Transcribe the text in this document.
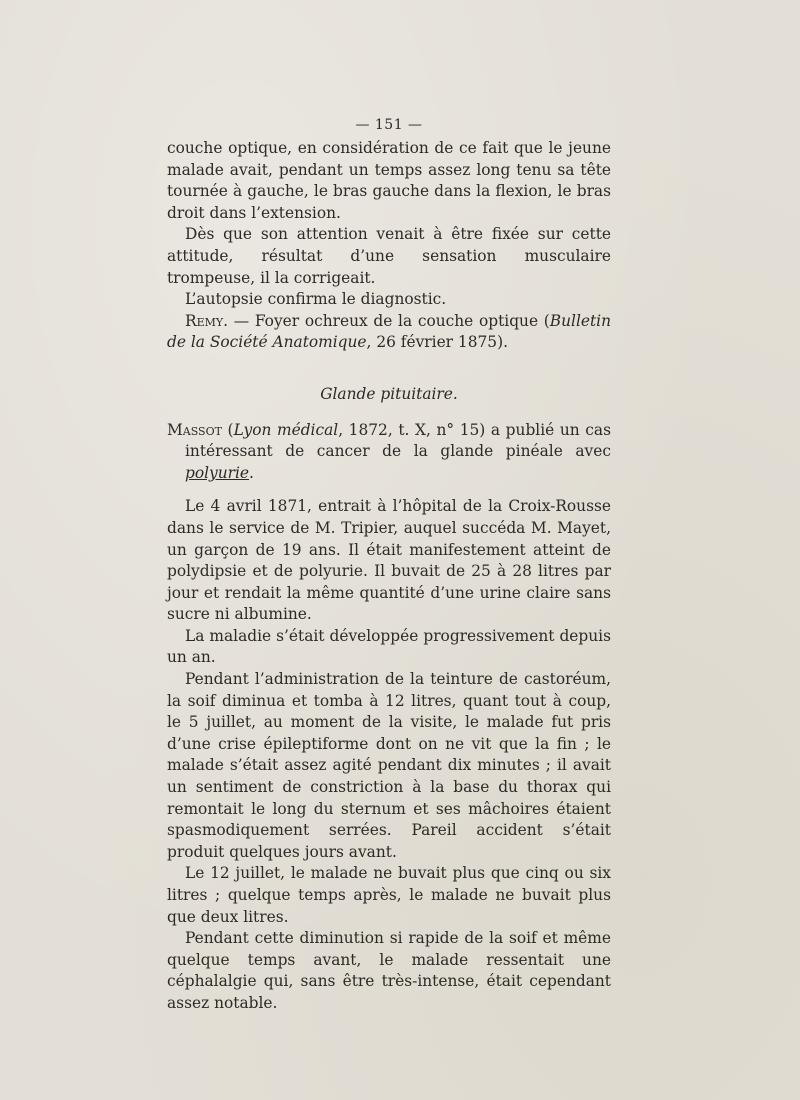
— 151 —

couche optique, en considération de ce fait que le jeune malade avait, pendant un temps assez long tenu sa tête tournée à gauche, le bras gauche dans la flexion, le bras droit dans l’extension.

Dès que son attention venait à être fixée sur cette attitude, résultat d’une sensation musculaire trompeuse, il la corrigeait.

L’autopsie confirma le diagnostic.

Remy. — Foyer ochreux de la couche optique (Bulletin de la Société Anatomique, 26 février 1875).

Glande pituitaire.

Massot (Lyon médical, 1872, t. X, n° 15) a publié un cas intéressant de cancer de la glande pinéale avec polyurie.

Le 4 avril 1871, entrait à l’hôpital de la Croix-Rousse dans le service de M. Tripier, auquel succéda M. Mayet, un garçon de 19 ans. Il était manifestement atteint de polydipsie et de polyurie. Il buvait de 25 à 28 litres par jour et rendait la même quantité d’une urine claire sans sucre ni albumine.

La maladie s’était développée progressivement depuis un an.

Pendant l’administration de la teinture de castoréum, la soif diminua et tomba à 12 litres, quant tout à coup, le 5 juillet, au moment de la visite, le malade fut pris d’une crise épileptiforme dont on ne vit que la fin ; le malade s’était assez agité pendant dix minutes ; il avait un sentiment de constriction à la base du thorax qui remontait le long du sternum et ses mâchoires étaient spasmodiquement serrées. Pareil accident s’était produit quelques jours avant.

Le 12 juillet, le malade ne buvait plus que cinq ou six litres ; quelque temps après, le malade ne buvait plus que deux litres.

Pendant cette diminution si rapide de la soif et même quelque temps avant, le malade ressentait une céphalalgie qui, sans être très-intense, était cependant assez notable.
